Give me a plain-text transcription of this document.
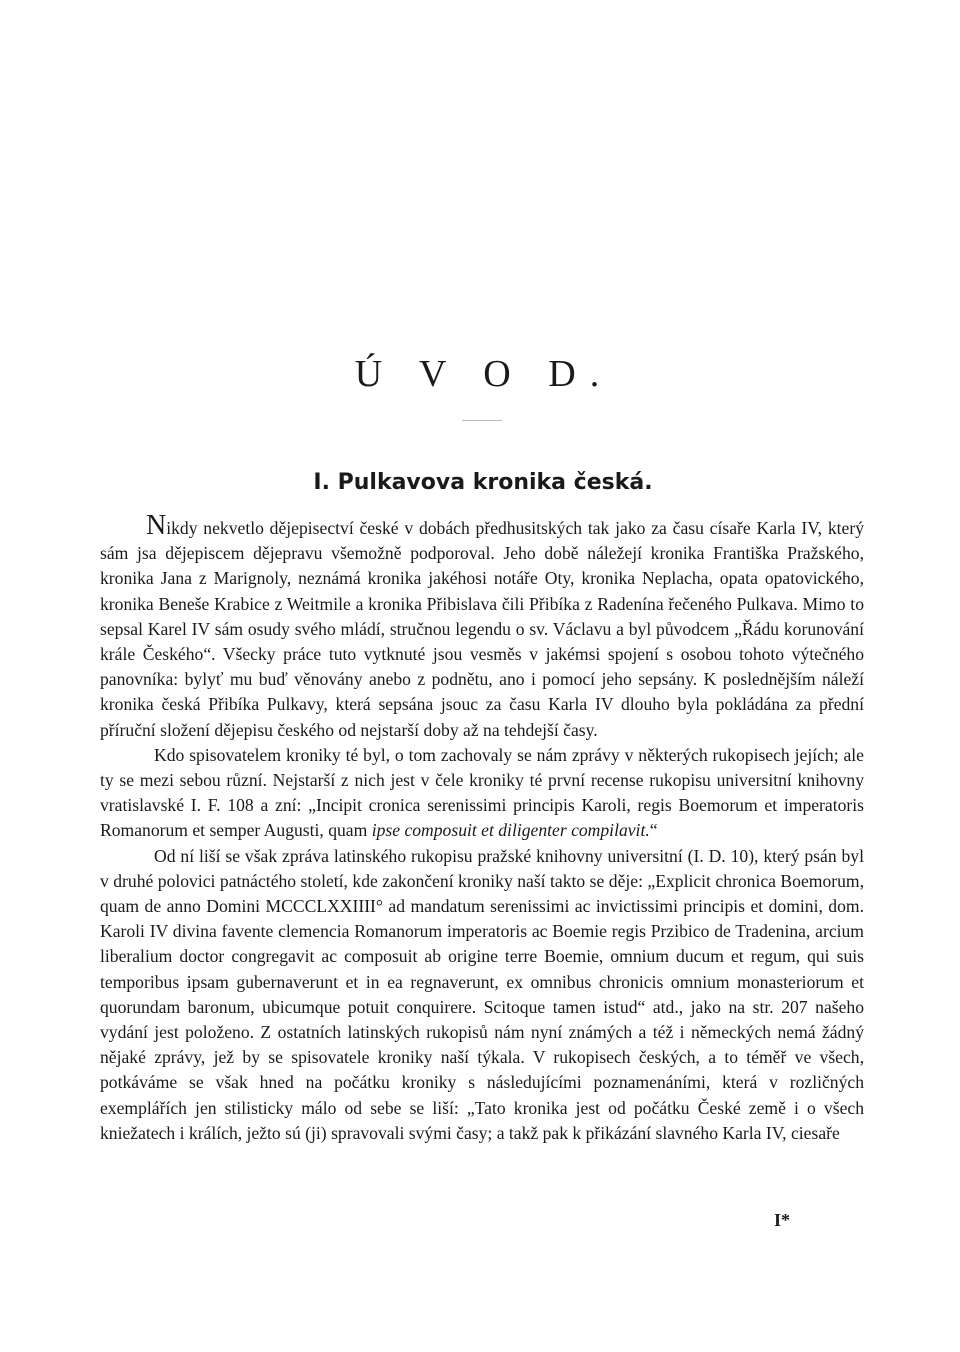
Ú V O D.
I. Pulkavova kronika česká.

Nikdy nekvetlo dějepisectví české v dobách předhusitských tak jako za času císaře Karla IV, který sám jsa dějepiscem dějepravu všemožně podporoval. Jeho době náležejí kronika Františka Pražského, kronika Jana z Marignoly, neznámá kronika jakéhosi notáře Oty, kronika Neplacha, opata opatovického, kronika Beneše Krabice z Weitmile a kronika Přibislava čili Přibíka z Radenína řečeného Pulkava. Mimo to sepsal Karel IV sám osudy svého mládí, stručnou legendu o sv. Václavu a byl původcem „Řádu korunování krále Českého“. Všecky práce tuto vytknuté jsou vesměs v jakémsi spojení s osobou tohoto výtečného panovníka: bylyť mu buď věnovány anebo z podnětu, ano i pomocí jeho sepsány. K poslednějším náleží kronika česká Přibíka Pulkavy, která sepsána jsouc za času Karla IV dlouho byla pokládána za přední příruční složení dějepisu českého od nejstarší doby až na tehdejší časy.

Kdo spisovatelem kroniky té byl, o tom zachovaly se nám zprávy v některých rukopisech jejích; ale ty se mezi sebou různí. Nejstarší z nich jest v čele kroniky té první recense rukopisu universitní knihovny vratislavské I. F. 108 a zní: „Incipit cronica serenissimi principis Karoli, regis Boemorum et imperatoris Romanorum et semper Augusti, quam ipse composuit et diligenter compilavit.“

Od ní liší se však zpráva latinského rukopisu pražské knihovny universitní (I. D. 10), který psán byl v druhé polovici patnáctého století, kde zakončení kroniky naší takto se děje: „Explicit chronica Boemorum, quam de anno Domini MCCCLXXIIII° ad mandatum serenissimi ac invictissimi principis et domini, dom. Karoli IV divina favente clemencia Romanorum imperatoris ac Boemie regis Przibico de Tradenina, arcium liberalium doctor congregavit ac composuit ab origine terre Boemie, omnium ducum et regum, qui suis temporibus ipsam gubernaverunt et in ea regnaverunt, ex omnibus chronicis omnium monasteriorum et quorundam baronum, ubicumque potuit conquirere. Scitoque tamen istud“ atd., jako na str. 207 našeho vydání jest položeno. Z ostatních latinských rukopisů nám nyní známých a též i německých nemá žádný nějaké zprávy, jež by se spisovatele kroniky naší týkala. V rukopisech českých, a to téměř ve všech, potkáváme se však hned na počátku kroniky s následujícími poznamenáními, která v rozličných exemplářích jen stilisticky málo od sebe se liší: „Tato kronika jest od počátku České země i o všech kniežatech i králích, ježto sú (ji) spravovali svými časy; a takž pak k přikázání slavného Karla IV, ciesaře

I*
